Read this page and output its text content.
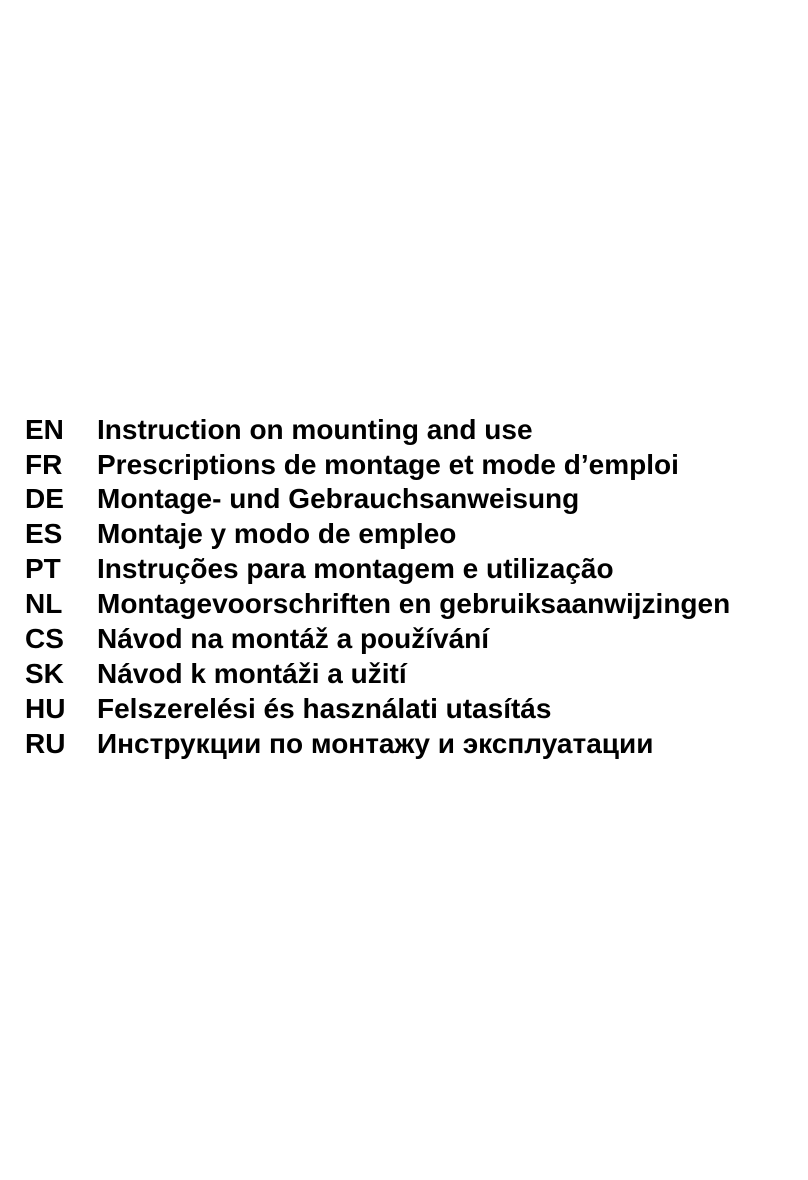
EN Instruction on mounting and use
FR Prescriptions de montage et mode d’emploi
DE Montage- und Gebrauchsanweisung
ES Montaje y modo de empleo
PT Instruções para montagem e utilização
NL Montagevoorschriften en gebruiksaanwijzingen
CS Návod na montáž a používání
SK Návod k montáži a užití
HU Felszerelési és használati utasítás
RU Инструкции по монтажу и эксплуатации
